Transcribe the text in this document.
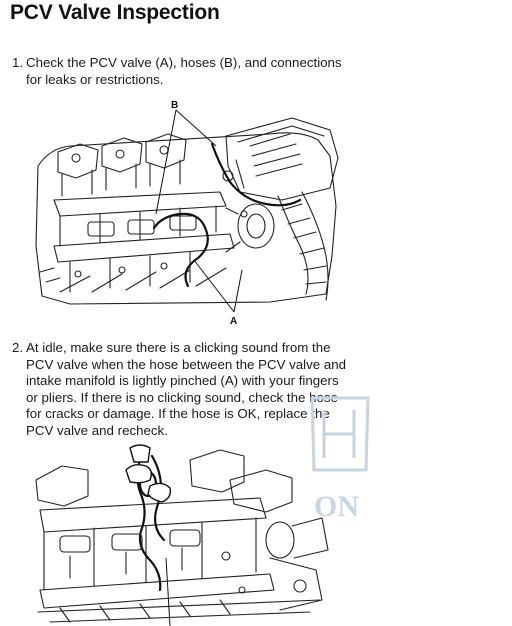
PCV Valve Inspection
1. Check the PCV valve (A), hoses (B), and connections
for leaks or restrictions.
B
A
2. At idle, make sure there is a clicking sound from the
PCV valve when the hose between the PCV valve and
intake manifold is lightly pinched (A) with your fingers
or pliers. If there is no clicking sound, check the hose
for cracks or damage. If the hose is OK, replace the
PCV valve and recheck.
ON
